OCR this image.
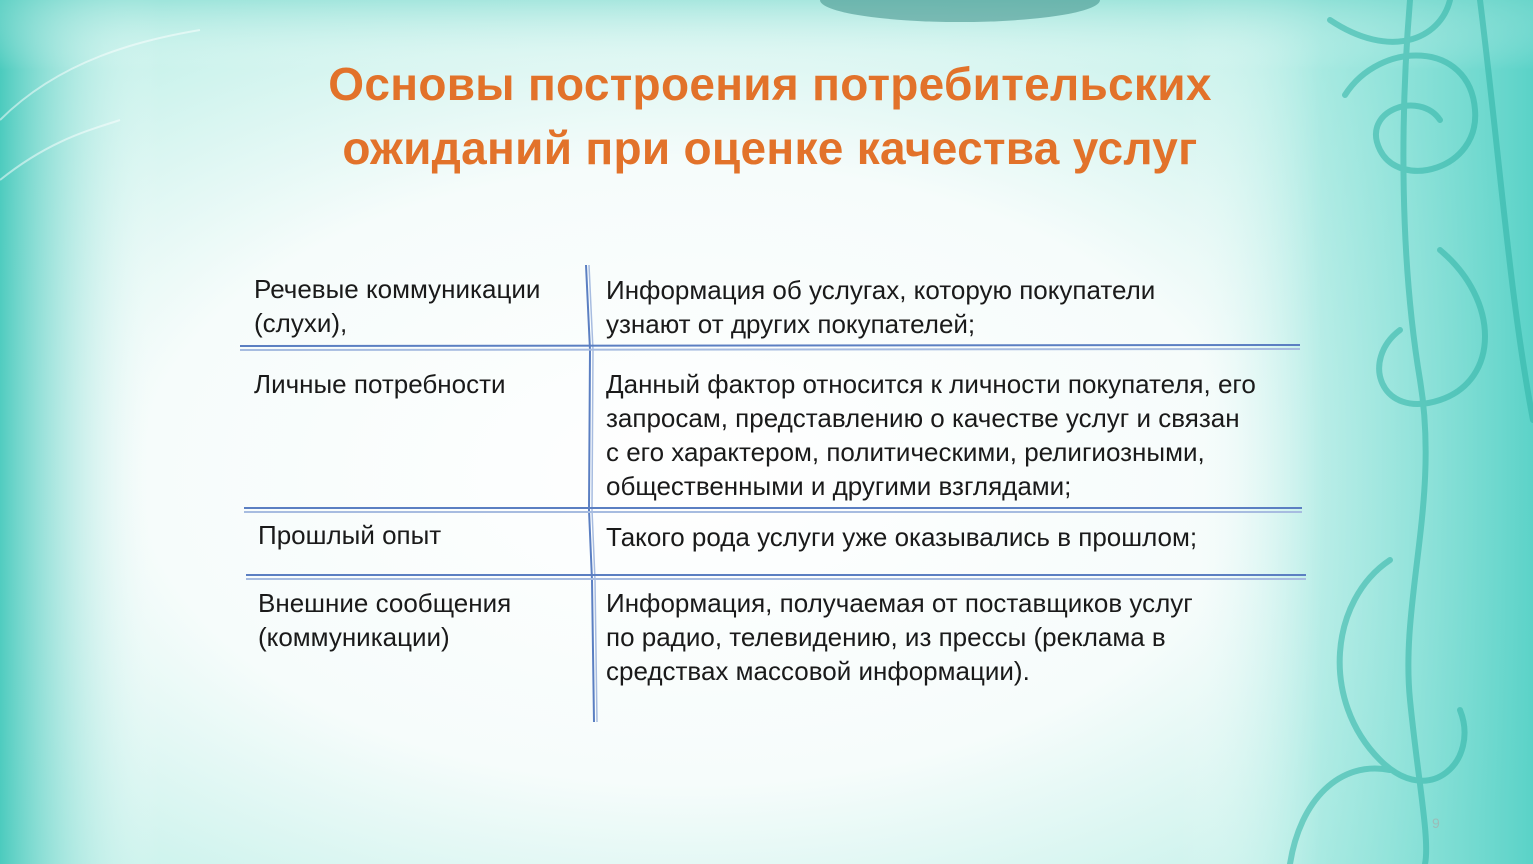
Основы построения потребительских
ожиданий при оценке качества услуг
Речевые коммуникации
(слухи),
Информация об услугах, которую покупатели
узнают от других покупателей;
Личные потребности	Данный фактор относится к личности покупателя, его
запросам, представлению о качестве услуг и связан
с его характером, политическими, религиозными,
общественными и другими взглядами;
Прошлый опыт	Такого рода услуги уже оказывались в прошлом;
Внешние сообщения
(коммуникации)
Информация, получаемая от поставщиков услуг
по радио, телевидению, из прессы (реклама в
средствах массовой информации).
9
